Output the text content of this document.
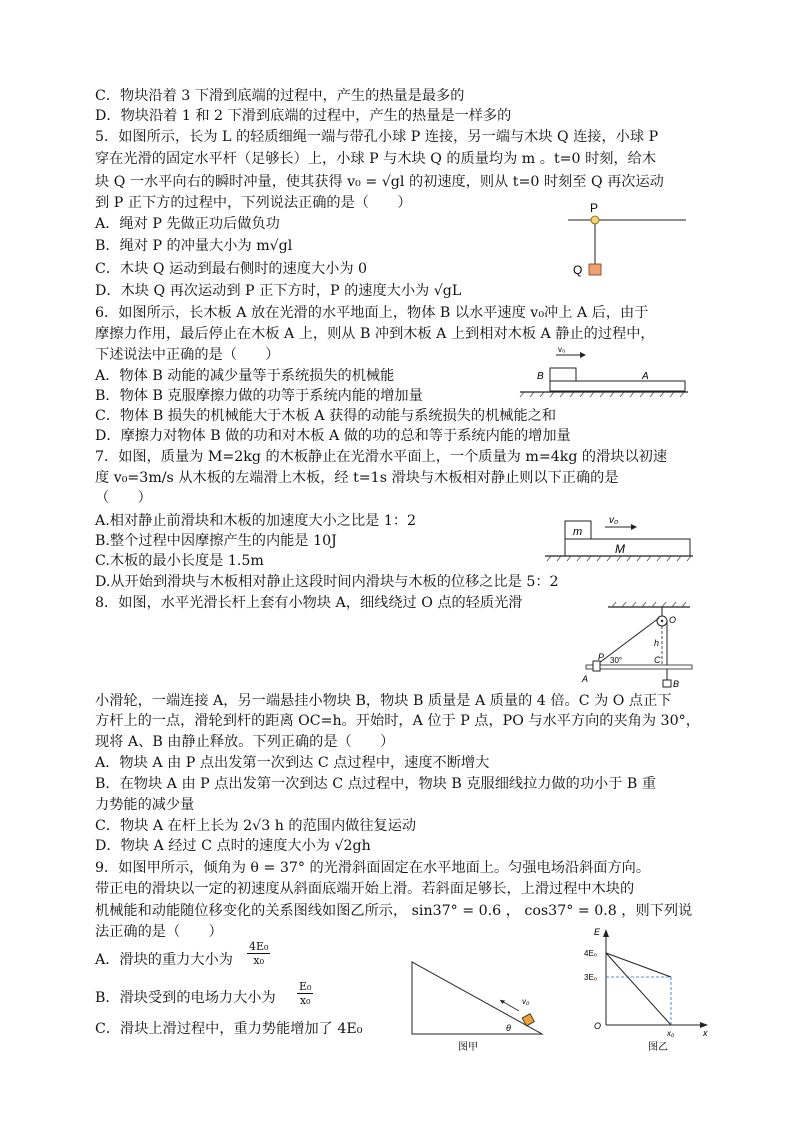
C．物块沿着 3 下滑到底端的过程中，产生的热量是最多的
D．物块沿着 1 和 2 下滑到底端的过程中，产生的热量是一样多的
5．如图所示，长为 L 的轻质细绳一端与带孔小球 P 连接，另一端与木块 Q 连接，小球 P
穿在光滑的固定水平杆（足够长）上，小球 P 与木块 Q 的质量均为 m 。t=0 时刻，给木
块 Q 一水平向右的瞬时冲量，使其获得 v₀ = √gl 的初速度，则从 t=0 时刻至 Q 再次运动
到 P 正下方的过程中，下列说法正确的是（　　）
A．绳对 P 先做正功后做负功
B．绳对 P 的冲量大小为 m√gl
C．木块 Q 运动到最右侧时的速度大小为 0
D．木块 Q 再次运动到 P 正下方时，P 的速度大小为 √gL
P
Q
6．如图所示，长木板 A 放在光滑的水平地面上，物体 B 以水平速度 v₀冲上 A 后，由于
摩擦力作用，最后停止在木板 A 上，则从 B 冲到木板 A 上到相对木板 A 静止的过程中，
下述说法中正确的是（　　）
A．物体 B 动能的减少量等于系统损失的机械能
B．物体 B 克服摩擦力做的功等于系统内能的增加量
C．物体 B 损失的机械能大于木板 A 获得的动能与系统损失的机械能之和
D．摩擦力对物体 B 做的功和对木板 A 做的功的总和等于系统内能的增加量
v₀
B	A
7．如图，质量为 M=2kg 的木板静止在光滑水平面上，一个质量为 m=4kg 的滑块以初速
度 v₀=3m/s 从木板的左端滑上木板，经 t=1s 滑块与木板相对静止则以下正确的是
（　　）
A.相对静止前滑块和木板的加速度大小之比是 1：2
B.整个过程中因摩擦产生的内能是 10J
C.木板的最小长度是 1.5m
D.从开始到滑块与木板相对静止这段时间内滑块与木板的位移之比是 5：2
m
v₀
M
8．如图，水平光滑长杆上套有小物块 A，细线绕过 O 点的轻质光滑
小滑轮，一端连接 A，另一端悬挂小物块 B，物块 B 质量是 A 质量的 4 倍。C 为 O 点正下
方杆上的一点，滑轮到杆的距离 OC=h。开始时，A 位于 P 点，PO 与水平方向的夹角为 30°，
现将 A、B 由静止释放。下列正确的是（　　）
A．物块 A 由 P 点出发第一次到达 C 点过程中，速度不断增大
B．在物块 A 由 P 点出发第一次到达 C 点过程中，物块 B 克服细线拉力做的功小于 B 重
力势能的减少量
C．物块 A 在杆上长为 2√3 h 的范围内做往复运动
D．物块 A 经过 C 点时的速度大小为 √2gh
O
h
P 30°	C
A	B
9．如图甲所示，倾角为 θ = 37° 的光滑斜面固定在水平地面上。匀强电场沿斜面方向。
带正电的滑块以一定的初速度从斜面底端开始上滑。若斜面足够长，上滑过程中木块的
机械能和动能随位移变化的关系图线如图乙所示， sin37° = 0.6 ， cos37° = 0.8 ，则下列说
法正确的是（　　）
A．滑块的重力大小为 $\frac{\text{4E₀}}{\text{x₀}}$
B．滑块受到的电场力大小为 $\frac{\text{E₀}}{\text{x₀}}$
C．滑块上滑过程中，重力势能增加了 4E₀
v₀
θ
图甲
E
4E₀
3E₀
O
x₀	x
图乙
